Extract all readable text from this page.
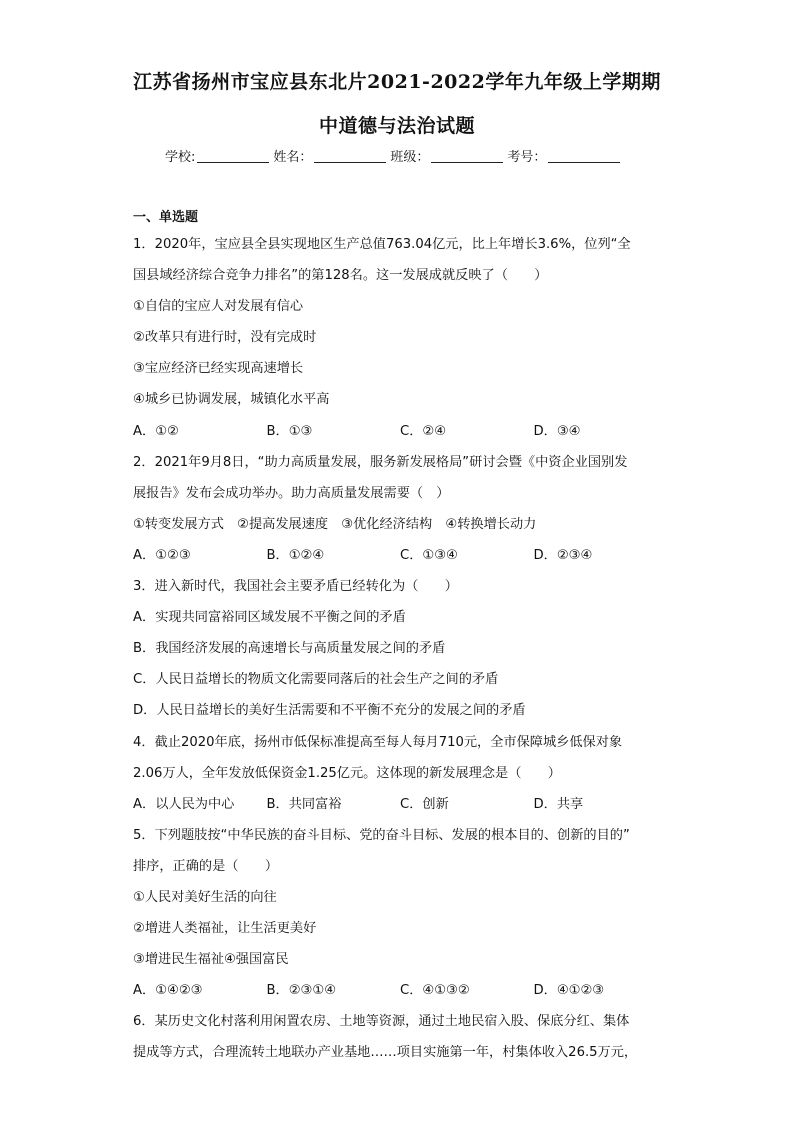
江苏省扬州市宝应县东北片2021-2022学年九年级上学期期
中道德与法治试题
学校:	姓名：	班级：	考号：
一、单选题
1．2020年，宝应县全县实现地区生产总值763.04亿元，比上年增长3.6%，位列“全
国县域经济综合竞争力排名”的第128名。这一发展成就反映了（　　）
①自信的宝应人对发展有信心
②改革只有进行时，没有完成时
③宝应经济已经实现高速增长
④城乡已协调发展，城镇化水平高
A．①②	B．①③	C．②④	D．③④
2．2021年9月8日，“助力高质量发展，服务新发展格局”研讨会暨《中资企业国别发
展报告》发布会成功举办。助力高质量发展需要（　）
①转变发展方式　②提高发展速度　③优化经济结构　④转换增长动力
A．①②③	B．①②④	C．①③④	D．②③④
3．进入新时代，我国社会主要矛盾已经转化为（　　）
A．实现共同富裕同区域发展不平衡之间的矛盾
B．我国经济发展的高速增长与高质量发展之间的矛盾
C．人民日益增长的物质文化需要同落后的社会生产之间的矛盾
D．人民日益增长的美好生活需要和不平衡不充分的发展之间的矛盾
4．截止2020年底，扬州市低保标准提高至每人每月710元，全市保障城乡低保对象
2.06万人，全年发放低保资金1.25亿元。这体现的新发展理念是（　　）
A．以人民为中心	B．共同富裕	C．创新	D．共享
5．下列题肢按“中华民族的奋斗目标、党的奋斗目标、发展的根本目的、创新的目的”
排序，正确的是（　　）
①人民对美好生活的向往
②增进人类福祉，让生活更美好
③增进民生福祉④强国富民
A．①④②③	B．②③①④	C．④①③②	D．④①②③
6．某历史文化村落利用闲置农房、土地等资源，通过土地民宿入股、保底分红、集体
提成等方式，合理流转土地联办产业基地……项目实施第一年，村集体收入26.5万元，
